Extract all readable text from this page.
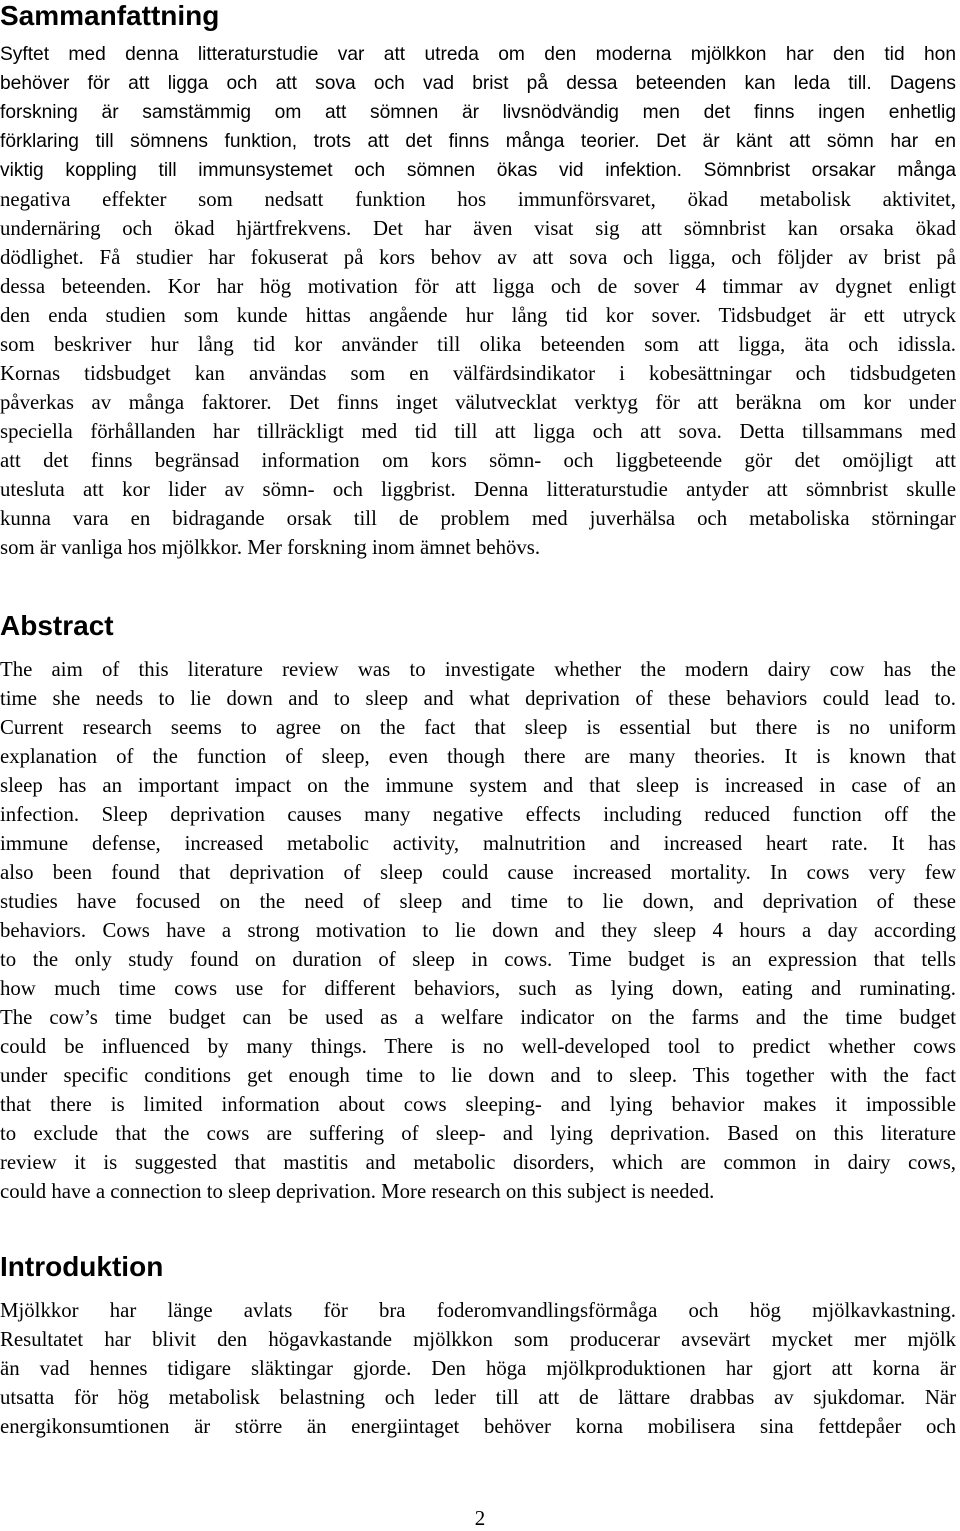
Sammanfattning
Syftet med denna litteraturstudie var att utreda om den moderna mjölkkon har den tid hon
behöver för att ligga och att sova och vad brist på dessa beteenden kan leda till. Dagens
forskning är samstämmig om att sömnen är livsnödvändig men det finns ingen enhetlig
förklaring till sömnens funktion, trots att det finns många teorier. Det är känt att sömn har en
viktig koppling till immunsystemet och sömnen ökas vid infektion. Sömnbrist orsakar många
negativa effekter som nedsatt funktion hos immunförsvaret, ökad metabolisk aktivitet,
undernäring och ökad hjärtfrekvens. Det har även visat sig att sömnbrist kan orsaka ökad
dödlighet. Få studier har fokuserat på kors behov av att sova och ligga, och följder av brist på
dessa beteenden. Kor har hög motivation för att ligga och de sover 4 timmar av dygnet enligt
den enda studien som kunde hittas angående hur lång tid kor sover. Tidsbudget är ett utryck
som beskriver hur lång tid kor använder till olika beteenden som att ligga, äta och idissla.
Kornas tidsbudget kan användas som en välfärdsindikator i kobesättningar och tidsbudgeten
påverkas av många faktorer. Det finns inget välutvecklat verktyg för att beräkna om kor under
speciella förhållanden har tillräckligt med tid till att ligga och att sova. Detta tillsammans med
att det finns begränsad information om kors sömn- och liggbeteende gör det omöjligt att
utesluta att kor lider av sömn- och liggbrist. Denna litteraturstudie antyder att sömnbrist skulle
kunna vara en bidragande orsak till de problem med juverhälsa och metaboliska störningar
som är vanliga hos mjölkkor. Mer forskning inom ämnet behövs.
Abstract
The aim of this literature review was to investigate whether the modern dairy cow has the
time she needs to lie down and to sleep and what deprivation of these behaviors could lead to.
Current research seems to agree on the fact that sleep is essential but there is no uniform
explanation of the function of sleep, even though there are many theories. It is known that
sleep has an important impact on the immune system and that sleep is increased in case of an
infection. Sleep deprivation causes many negative effects including reduced function off the
immune defense, increased metabolic activity, malnutrition and increased heart rate. It has
also been found that deprivation of sleep could cause increased mortality. In cows very few
studies have focused on the need of sleep and time to lie down, and deprivation of these
behaviors. Cows have a strong motivation to lie down and they sleep 4 hours a day according
to the only study found on duration of sleep in cows. Time budget is an expression that tells
how much time cows use for different behaviors, such as lying down, eating and ruminating.
The cow’s time budget can be used as a welfare indicator on the farms and the time budget
could be influenced by many things. There is no well-developed tool to predict whether cows
under specific conditions get enough time to lie down and to sleep. This together with the fact
that there is limited information about cows sleeping- and lying behavior makes it impossible
to exclude that the cows are suffering of sleep- and lying deprivation. Based on this literature
review it is suggested that mastitis and metabolic disorders, which are common in dairy cows,
could have a connection to sleep deprivation. More research on this subject is needed.
Introduktion
Mjölkkor har länge avlats för bra foderomvandlingsförmåga och hög mjölkavkastning.
Resultatet har blivit den högavkastande mjölkkon som producerar avsevärt mycket mer mjölk
än vad hennes tidigare släktingar gjorde. Den höga mjölkproduktionen har gjort att korna är
utsatta för hög metabolisk belastning och leder till att de lättare drabbas av sjukdomar. När
energikonsumtionen är större än energiintaget behöver korna mobilisera sina fettdepåer och
2
